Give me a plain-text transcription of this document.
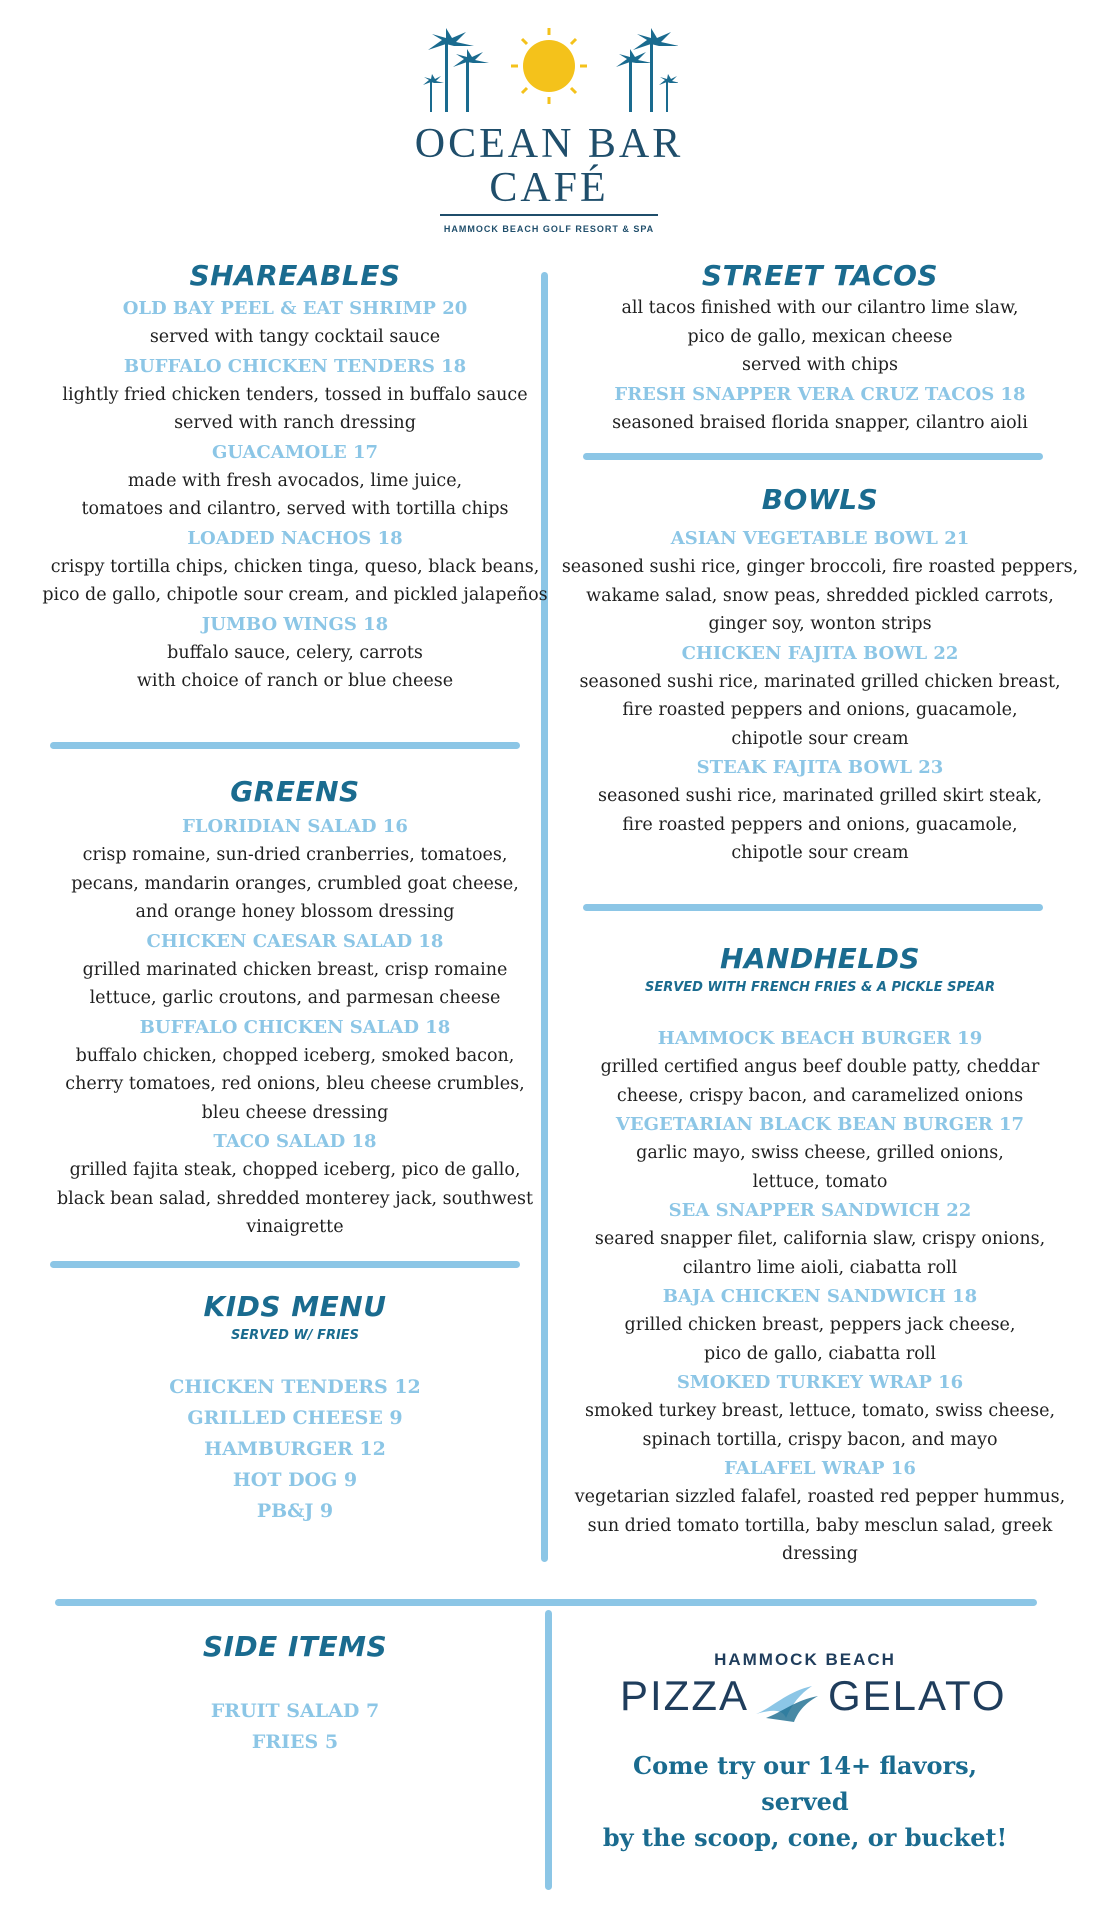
OCEAN BAR
CAFÉ
HAMMOCK BEACH GOLF RESORT & SPA
SHAREABLES
OLD BAY PEEL & EAT SHRIMP 20
served with tangy cocktail sauce
BUFFALO CHICKEN TENDERS 18
lightly fried chicken tenders, tossed in buffalo sauce
served with ranch dressing
GUACAMOLE 17
made with fresh avocados, lime juice,
tomatoes and cilantro, served with tortilla chips
LOADED NACHOS 18
crispy tortilla chips, chicken tinga, queso, black beans,
pico de gallo, chipotle sour cream, and pickled jalapeños
JUMBO WINGS 18
buffalo sauce, celery, carrots
with choice of ranch or blue cheese
GREENS
FLORIDIAN SALAD 16
crisp romaine, sun-dried cranberries, tomatoes,
pecans, mandarin oranges, crumbled goat cheese,
and orange honey blossom dressing
CHICKEN CAESAR SALAD 18
grilled marinated chicken breast, crisp romaine
lettuce, garlic croutons, and parmesan cheese
BUFFALO CHICKEN SALAD 18
buffalo chicken, chopped iceberg, smoked bacon,
cherry tomatoes, red onions, bleu cheese crumbles,
bleu cheese dressing
TACO SALAD 18
grilled fajita steak, chopped iceberg, pico de gallo,
black bean salad, shredded monterey jack, southwest
vinaigrette
KIDS MENU
SERVED W/ FRIES
CHICKEN TENDERS 12
GRILLED CHEESE 9
HAMBURGER 12
HOT DOG 9
PB&J 9
SIDE ITEMS
FRUIT SALAD 7
FRIES 5
STREET TACOS
all tacos finished with our cilantro lime slaw,
pico de gallo, mexican cheese
served with chips
FRESH SNAPPER VERA CRUZ TACOS 18
seasoned braised florida snapper, cilantro aioli
BOWLS
ASIAN VEGETABLE BOWL 21
seasoned sushi rice, ginger broccoli, fire roasted peppers,
wakame salad, snow peas, shredded pickled carrots,
ginger soy, wonton strips
CHICKEN FAJITA BOWL 22
seasoned sushi rice, marinated grilled chicken breast,
fire roasted peppers and onions, guacamole,
chipotle sour cream
STEAK FAJITA BOWL 23
seasoned sushi rice, marinated grilled skirt steak,
fire roasted peppers and onions, guacamole,
chipotle sour cream
HANDHELDS
SERVED WITH FRENCH FRIES & A PICKLE SPEAR
HAMMOCK BEACH BURGER 19
grilled certified angus beef double patty, cheddar
cheese, crispy bacon, and caramelized onions
VEGETARIAN BLACK BEAN BURGER 17
garlic mayo, swiss cheese, grilled onions,
lettuce, tomato
SEA SNAPPER SANDWICH 22
seared snapper filet, california slaw, crispy onions,
cilantro lime aioli, ciabatta roll
BAJA CHICKEN SANDWICH 18
grilled chicken breast, peppers jack cheese,
pico de gallo, ciabatta roll
SMOKED TURKEY WRAP 16
smoked turkey breast, lettuce, tomato, swiss cheese,
spinach tortilla, crispy bacon, and mayo
FALAFEL WRAP 16
vegetarian sizzled falafel, roasted red pepper hummus,
sun dried tomato tortilla, baby mesclun salad, greek
dressing
HAMMOCK BEACH
PIZZA GELATO
Come try our 14+ flavors, served
by the scoop, cone, or bucket!
